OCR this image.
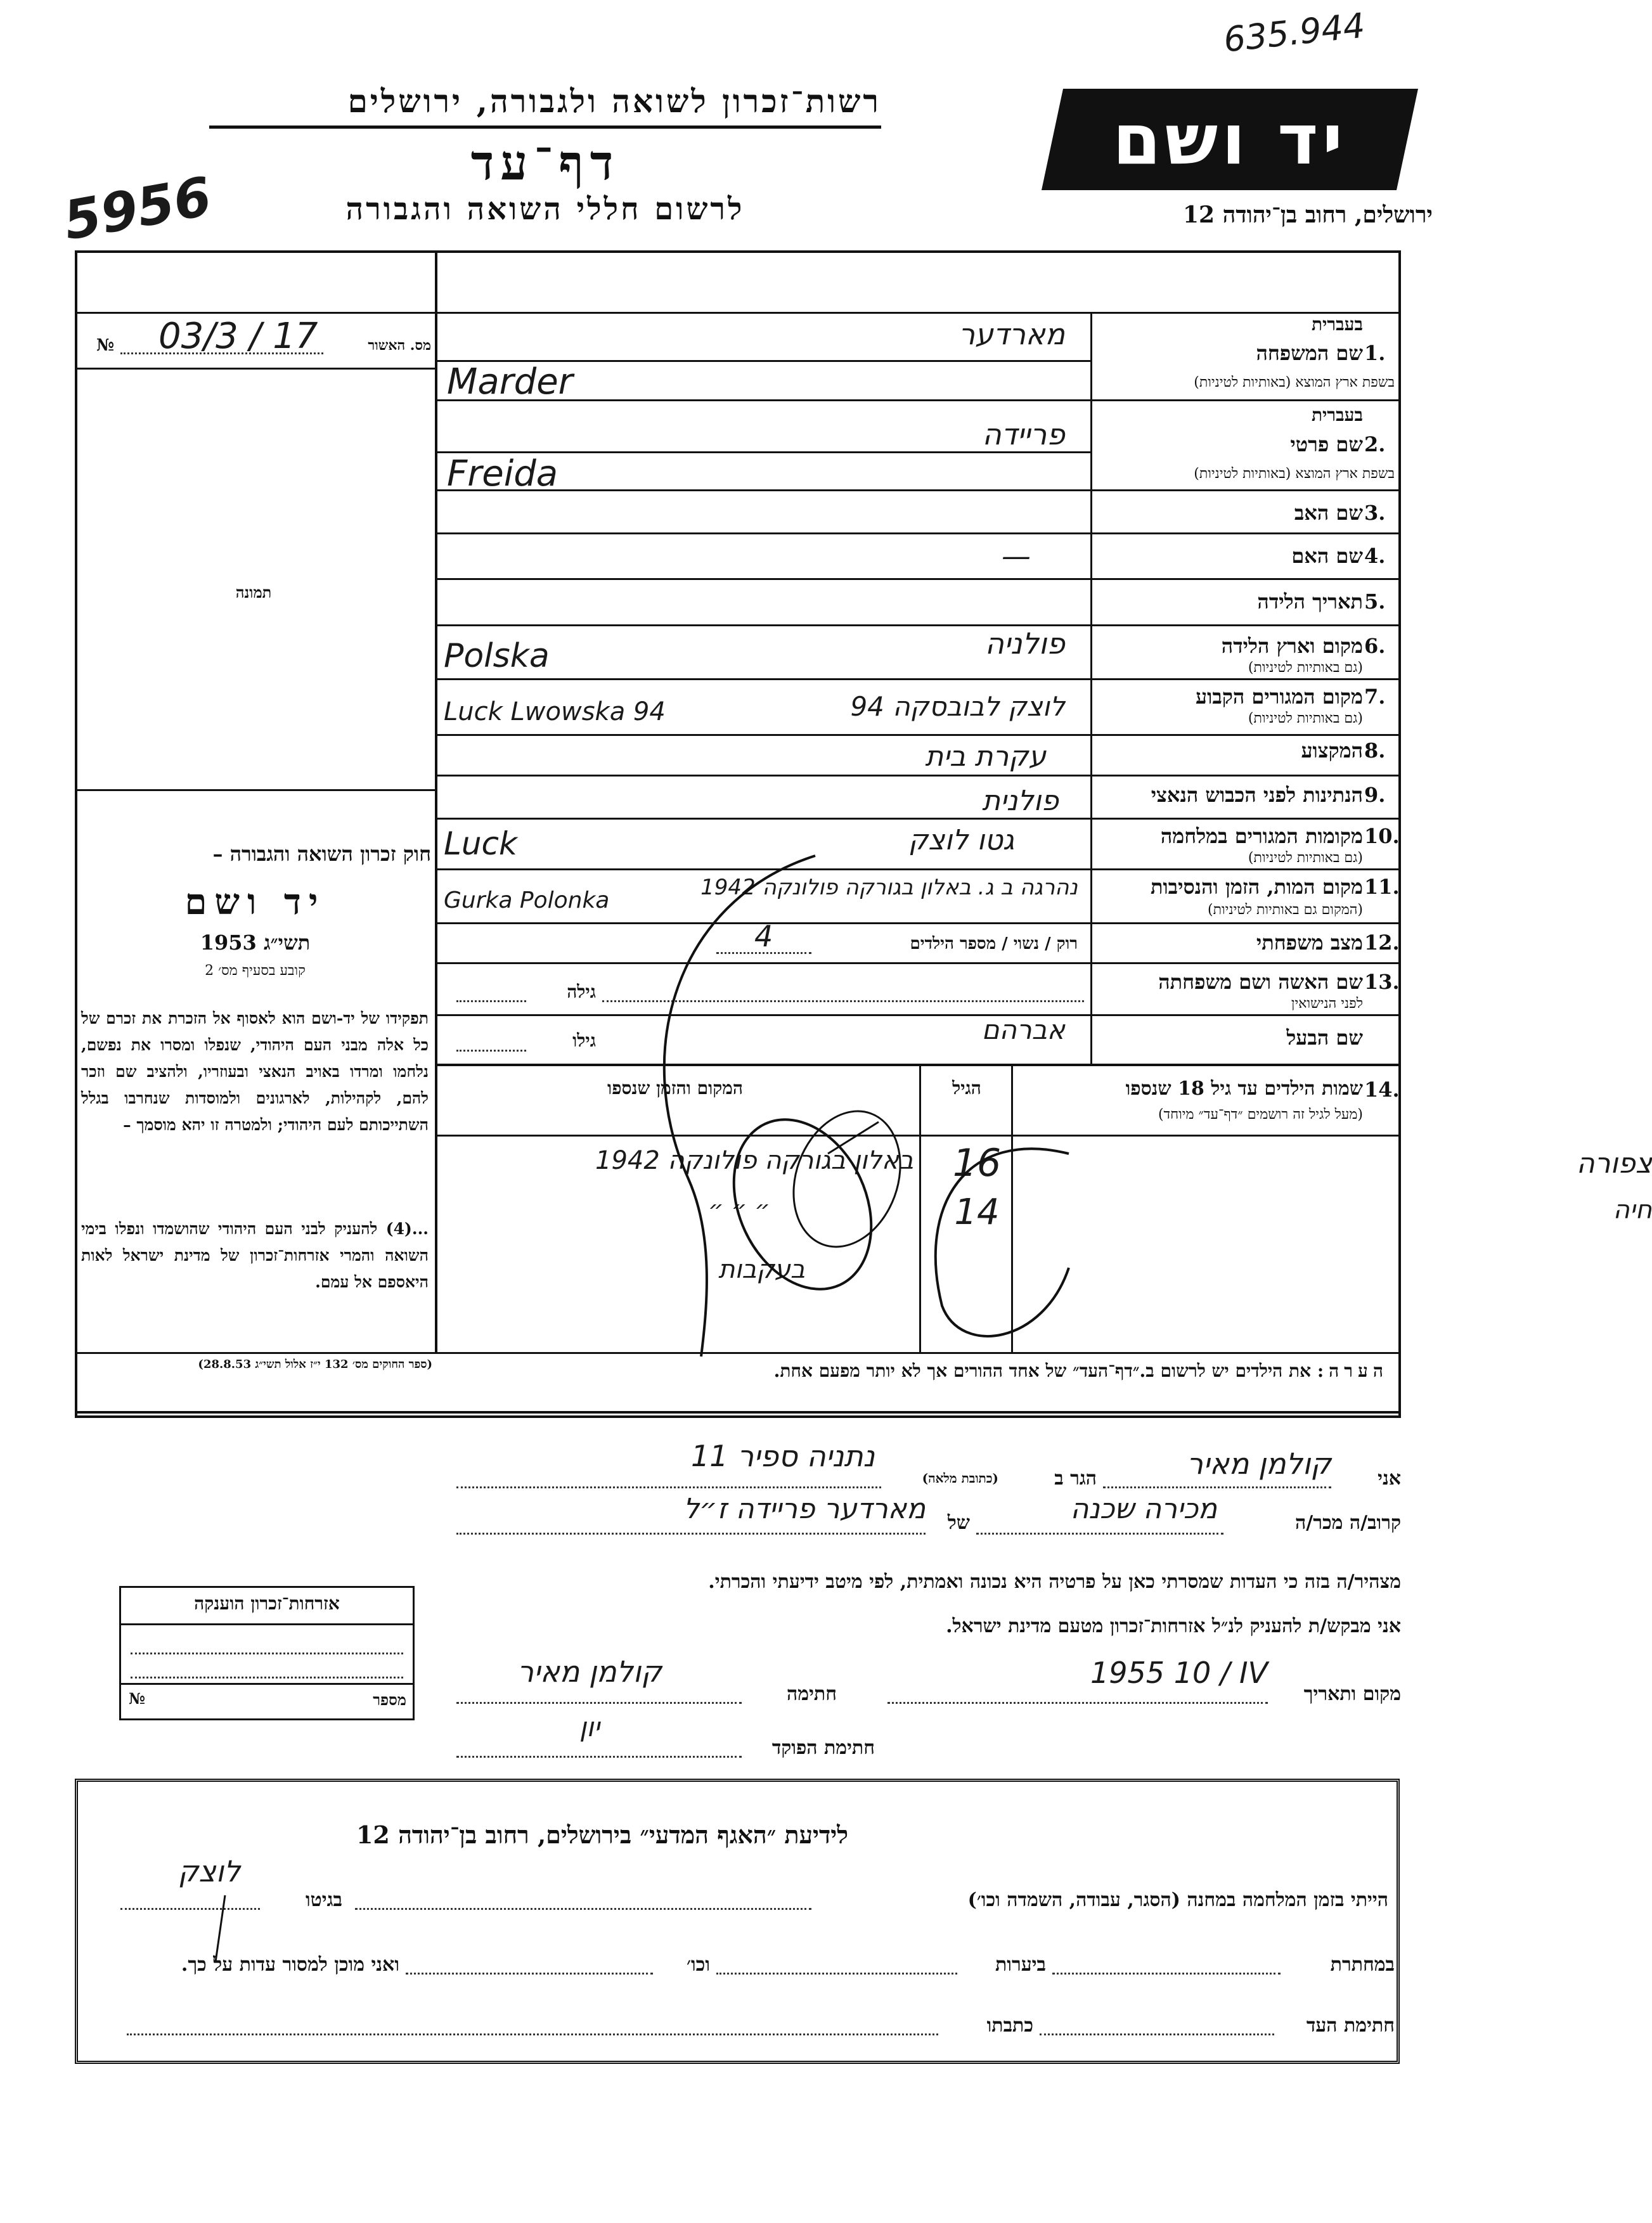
635.944
5956
רשות־זכרון לשואה ולגבורה, ירושלים
דף־עד
לרשום חללי השואה והגבורה
יד ושם
ירושלים, רחוב בן־יהודה 12
מס. האשור
№ 03/3 / 17
תמונה
חוק זכרון השואה והגבורה –
יד ושם
תשי״ג 1953
קובע בסעיף מס׳ 2
תפקידו של יד-ושם הוא לאסוף אל הזכרת את זכרם של כל אלה מבני העם היהודי, שנפלו ומסרו את נפשם, נלחמו ומרדו באויב הנאצי ובעוזריו, ולהציב שם וזכר להם, לקהילות, לארגונים ולמוסדות שנחרבו בגלל השתייכותם לעם היהודי; ולמטרה זו יהא מוסמך –
...(4) להעניק לבני העם היהודי שהושמדו ונפלו בימי השואה והמרי אזרחות־זכרון של מדינת ישראל לאות היאספם אל עמם.
(ספר החוקים מס׳ 132 י״ז אלול תשי״ג 28.8.53)
בעברית
1.
שם המשפחה
בשפת ארץ המוצא (באותיות לטיניות)
מארדער
Marder
בעברית
2.
שם פרטי
בשפת ארץ המוצא (באותיות לטיניות)
פריידה
Freida
3.
שם האב
4.
שם האם
—
5.
תאריך הלידה
6.
מקום וארץ הלידה
(גם באותיות לטיניות)
פולניה
Polska
7.
מקום המגורים הקבוע
(גם באותיות לטיניות)
לוצק לבובסקה 94
Luck Lwowska 94
8.
המקצוע
עקרת בית
9.
הנתינות לפני הכבוש הנאצי
פולנית
10.
מקומות המגורים במלחמה
(גם באותיות לטיניות)
גטו לוצק
Luck
11.
מקום המות, הזמן והנסיבות
(המקום גם באותיות לטיניות)
נהרגה ב ג. באלון בגורקה פולונקה 1942
Gurka Polonka
12.
מצב משפחתי
רוק / נשוי / מספר הילדים
4
13.
שם האשה ושם משפחתה
לפני הנישואין
גילה
שם הבעל
גילו	אברהם
14.
שמות הילדים עד גיל 18 שנספו
(מעל לגיל זה רושמים ״דף־עד״ מיוחד)
הגיל
המקום והזמן שנספו
צפורה
16
באלון בגורקה פולונקה 1942
חיה
14
״ ״ ״
בעקבות
הערה: את הילדים יש לרשום ב.״דף־העד״ של אחד ההורים אך לא יותר מפעם אחת.
אני
קולמן מאיר
הגר ב
(כתובת מלאה)
נתניה ספיר 11
קרוב/ה מכר/ה
מכירה שכנה
של
מארדער פריידה ז״ל
מצהיר/ה בזה כי העדות שמסרתי כאן על פרטיה היא נכונה ואמתית, לפי מיטב ידיעתי והכרתי.
אני מבקש/ת להעניק לנ״ל אזרחות־זכרון מטעם מדינת ישראל.
מקום ותאריך
1955 10 / IV
חתימה
קולמן מאיר
חתימת הפוקד
יון
אזרחות־זכרון הוענקה
מספר
№
לידיעת ״האגף המדעי״ בירושלים, רחוב בן־יהודה 12
הייתי בזמן המלחמה במחנה (הסגר, עבודה, השמדה וכו׳)
בגיטו
לוצק
במחתרת
ביערות
וכו׳
ואני מוכן למסור עדות על כך.
חתימת העד
כתבתו
